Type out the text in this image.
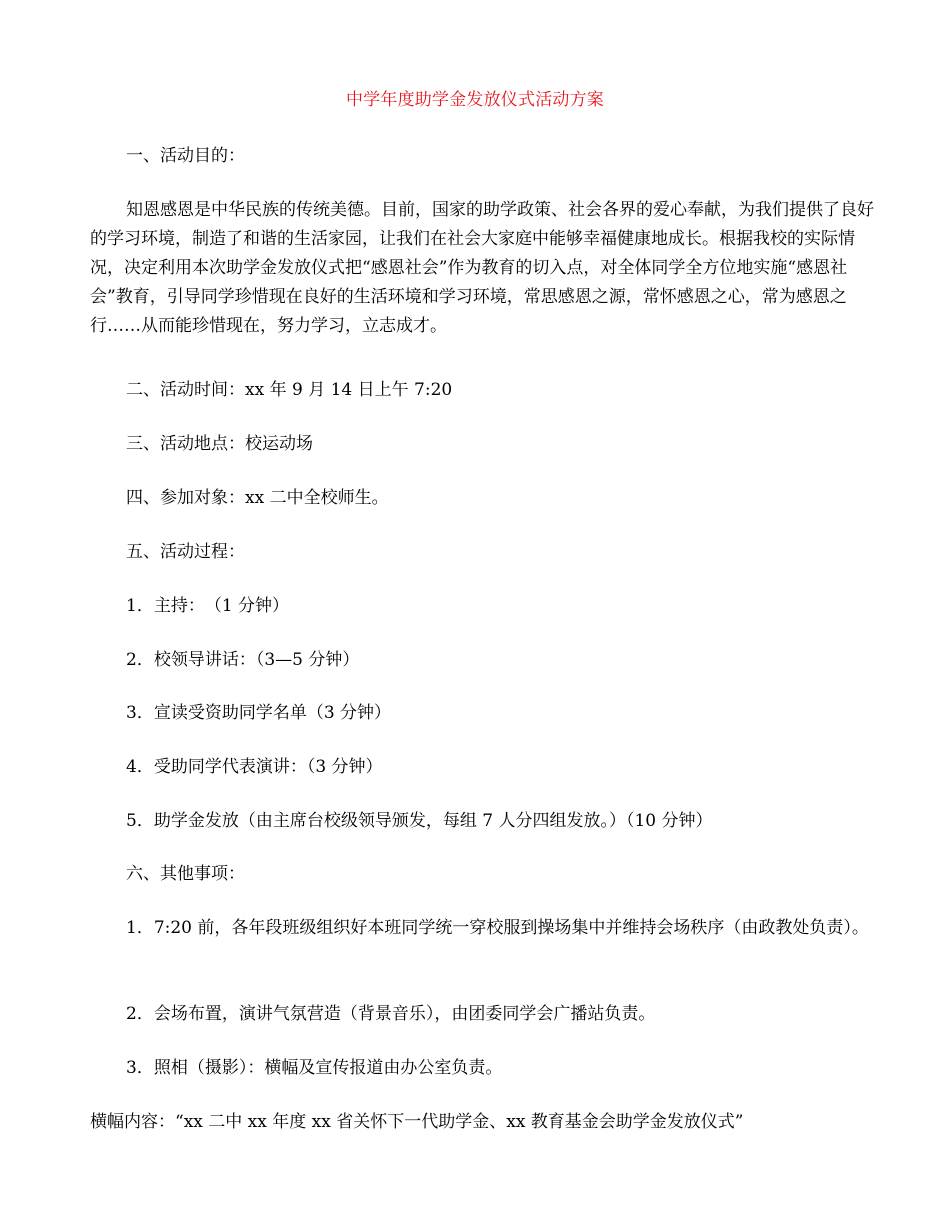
中学年度助学金发放仪式活动方案
一、活动目的：
知恩感恩是中华民族的传统美德。目前，国家的助学政策、社会各界的爱心奉献，为我们提供了良好的学习环境，制造了和谐的生活家园，让我们在社会大家庭中能够幸福健康地成长。根据我校的实际情况，决定利用本次助学金发放仪式把“感恩社会”作为教育的切入点，对全体同学全方位地实施“感恩社会”教育，引导同学珍惜现在良好的生活环境和学习环境，常思感恩之源，常怀感恩之心，常为感恩之行……从而能珍惜现在，努力学习，立志成才。
二、活动时间：xx 年 9 月 14 日上午 7:20
三、活动地点：校运动场
四、参加对象：xx 二中全校师生。
五、活动过程：
1．主持：　（1 分钟）
2．校领导讲话：（3—5 分钟）
3．宣读受资助同学名单（3 分钟）
4．受助同学代表演讲：（3 分钟）
5．助学金发放（由主席台校级领导颁发，每组 7 人分四组发放。）（10 分钟）
六、其他事项：
1．7:20 前，各年段班级组织好本班同学统一穿校服到操场集中并维持会场秩序（由政教处负责）。
2．会场布置，演讲气氛营造（背景音乐），由团委同学会广播站负责。
3．照相（摄影）：横幅及宣传报道由办公室负责。
横幅内容：“xx 二中 xx 年度 xx 省关怀下一代助学金、xx 教育基金会助学金发放仪式”
